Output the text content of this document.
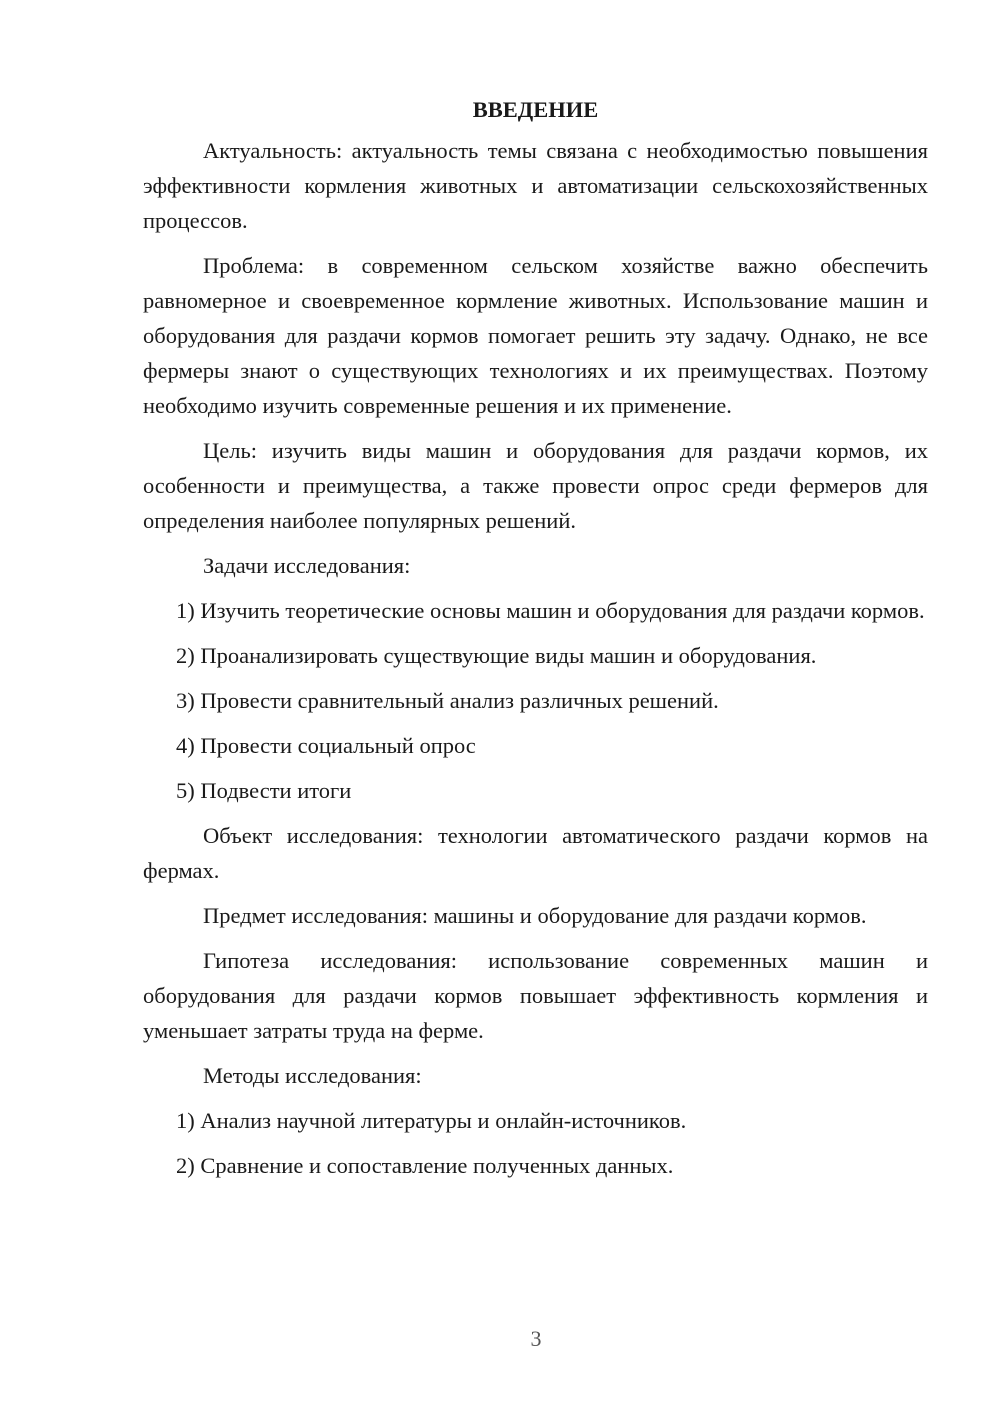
ВВЕДЕНИЕ
Актуальность: актуальность темы связана с необходимостью повышения эффективности кормления животных и автоматизации сельскохозяйственных процессов.
Проблема: в современном сельском хозяйстве важно обеспечить равномерное и своевременное кормление животных. Использование машин и оборудования для раздачи кормов помогает решить эту задачу. Однако, не все фермеры знают о существующих технологиях и их преимуществах. Поэтому необходимо изучить современные решения и их применение.
Цель: изучить виды машин и оборудования для раздачи кормов, их особенности и преимущества, а также провести опрос среди фермеров для определения наиболее популярных решений.
Задачи исследования:
1) Изучить теоретические основы машин и оборудования для раздачи кормов.
2) Проанализировать существующие виды машин и оборудования.
3) Провести сравнительный анализ различных решений.
4) Провести социальный опрос
5) Подвести итоги
Объект исследования: технологии автоматического раздачи кормов на фермах.
Предмет исследования: машины и оборудование для раздачи кормов.
Гипотеза исследования: использование современных машин и оборудования для раздачи кормов повышает эффективность кормления и уменьшает затраты труда на ферме.
Методы исследования:
1) Анализ научной литературы и онлайн-источников.
2) Сравнение и сопоставление полученных данных.
3
